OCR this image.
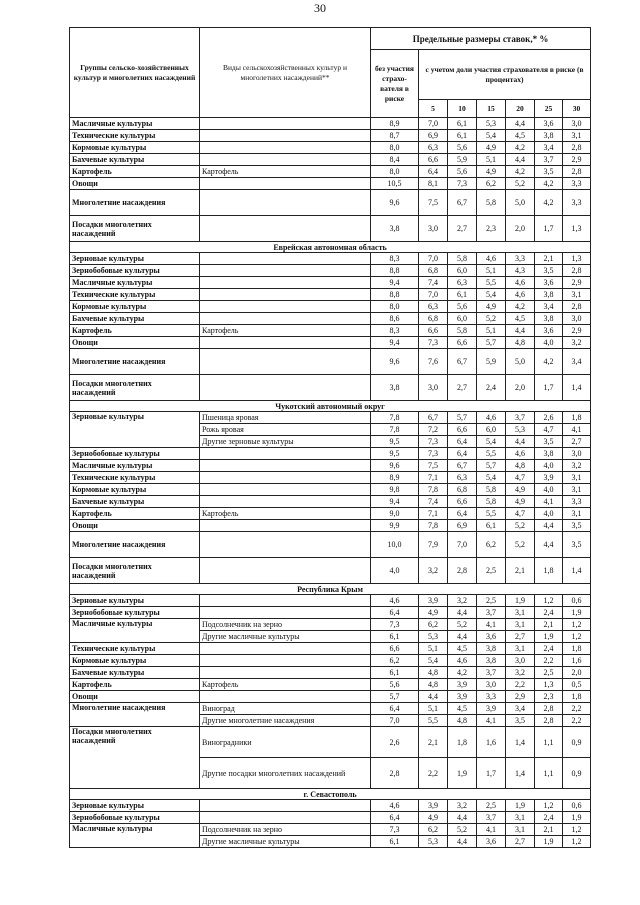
30
Группы сельско-хозяйственных культур и многолетних насаждений	Виды сельскохозяйственных культур и многолетних насаждений**	Предельные размеры ставок,* %						
		без участия страхо-вателя в риске	с учетом доли участия страхователя в риске (в процентах)					
			5	10	15	20	25	30
Масличные культуры		8,9	7,0	6,1	5,3	4,4	3,6	3,0
Технические культуры		8,7	6,9	6,1	5,4	4,5	3,8	3,1
Кормовые культуры		8,0	6,3	5,6	4,9	4,2	3,4	2,8
Бахчевые культуры		8,4	6,6	5,9	5,1	4,4	3,7	2,9
Картофель	Картофель	8,0	6,4	5,6	4,9	4,2	3,5	2,8
Овощи		10,5	8,1	7,3	6,2	5,2	4,2	3,3
Многолетние насаждения		9,6	7,5	6,7	5,8	5,0	4,2	3,3
Посадки многолетних насаждений		3,8	3,0	2,7	2,3	2,0	1,7	1,3
Еврейская автономная область								
Зерновые культуры		8,3	7,0	5,8	4,6	3,3	2,1	1,3
Зернобобовые культуры		8,8	6,8	6,0	5,1	4,3	3,5	2,8
Масличные культуры		9,4	7,4	6,3	5,5	4,6	3,6	2,9
Технические культуры		8,8	7,0	6,1	5,4	4,6	3,8	3,1
Кормовые культуры		8,0	6,3	5,6	4,9	4,2	3,4	2,8
Бахчевые культуры		8,6	6,8	6,0	5,2	4,5	3,8	3,0
Картофель	Картофель	8,3	6,6	5,8	5,1	4,4	3,6	2,9
Овощи		9,4	7,3	6,6	5,7	4,8	4,0	3,2
Многолетние насаждения		9,6	7,6	6,7	5,9	5,0	4,2	3,4
Посадки многолетних насаждений		3,8	3,0	2,7	2,4	2,0	1,7	1,4
Чукотский автономный округ								
Зерновые культуры	Пшеница яровая	7,8	6,7	5,7	4,6	3,7	2,6	1,8
	Рожь яровая	7,8	7,2	6,6	6,0	5,3	4,7	4,1
	Другие зерновые культуры	9,5	7,3	6,4	5,4	4,4	3,5	2,7
Зернобобовые культуры		9,5	7,3	6,4	5,5	4,6	3,8	3,0
Масличные культуры		9,6	7,5	6,7	5,7	4,8	4,0	3,2
Технические культуры		8,9	7,1	6,3	5,4	4,7	3,9	3,1
Кормовые культуры		9,8	7,8	6,8	5,8	4,9	4,0	3,1
Бахчевые культуры		9,4	7,4	6,6	5,8	4,9	4,1	3,3
Картофель	Картофель	9,0	7,1	6,4	5,5	4,7	4,0	3,1
Овощи		9,9	7,8	6,9	6,1	5,2	4,4	3,5
Многолетние насаждения		10,0	7,9	7,0	6,2	5,2	4,4	3,5
Посадки многолетних насаждений		4,0	3,2	2,8	2,5	2,1	1,8	1,4
Республика Крым								
Зерновые культуры		4,6	3,9	3,2	2,5	1,9	1,2	0,6
Зернобобовые культуры		6,4	4,9	4,4	3,7	3,1	2,4	1,9
Масличные культуры	Подсолнечник на зерно	7,3	6,2	5,2	4,1	3,1	2,1	1,2
	Другие масличные культуры	6,1	5,3	4,4	3,6	2,7	1,9	1,2
Технические культуры		6,6	5,1	4,5	3,8	3,1	2,4	1,8
Кормовые культуры		6,2	5,4	4,6	3,8	3,0	2,2	1,6
Бахчевые культуры		6,1	4,8	4,2	3,7	3,2	2,5	2,0
Картофель	Картофель	5,6	4,8	3,9	3,0	2,2	1,3	0,5
Овощи		5,7	4,4	3,9	3,3	2,9	2,3	1,8
Многолетние насаждения	Виноград	6,4	5,1	4,5	3,9	3,4	2,8	2,2
	Другие многолетние насаждения	7,0	5,5	4,8	4,1	3,5	2,8	2,2
Посадки многолетних насаждений	Виноградники	2,6	2,1	1,8	1,6	1,4	1,1	0,9
	Другие посадки многолетних насаждений	2,8	2,2	1,9	1,7	1,4	1,1	0,9
г. Севастополь								
Зерновые культуры		4,6	3,9	3,2	2,5	1,9	1,2	0,6
Зернобобовые культуры		6,4	4,9	4,4	3,7	3,1	2,4	1,9
Масличные культуры	Подсолнечник на зерно	7,3	6,2	5,2	4,1	3,1	2,1	1,2
	Другие масличные культуры	6,1	5,3	4,4	3,6	2,7	1,9	1,2
